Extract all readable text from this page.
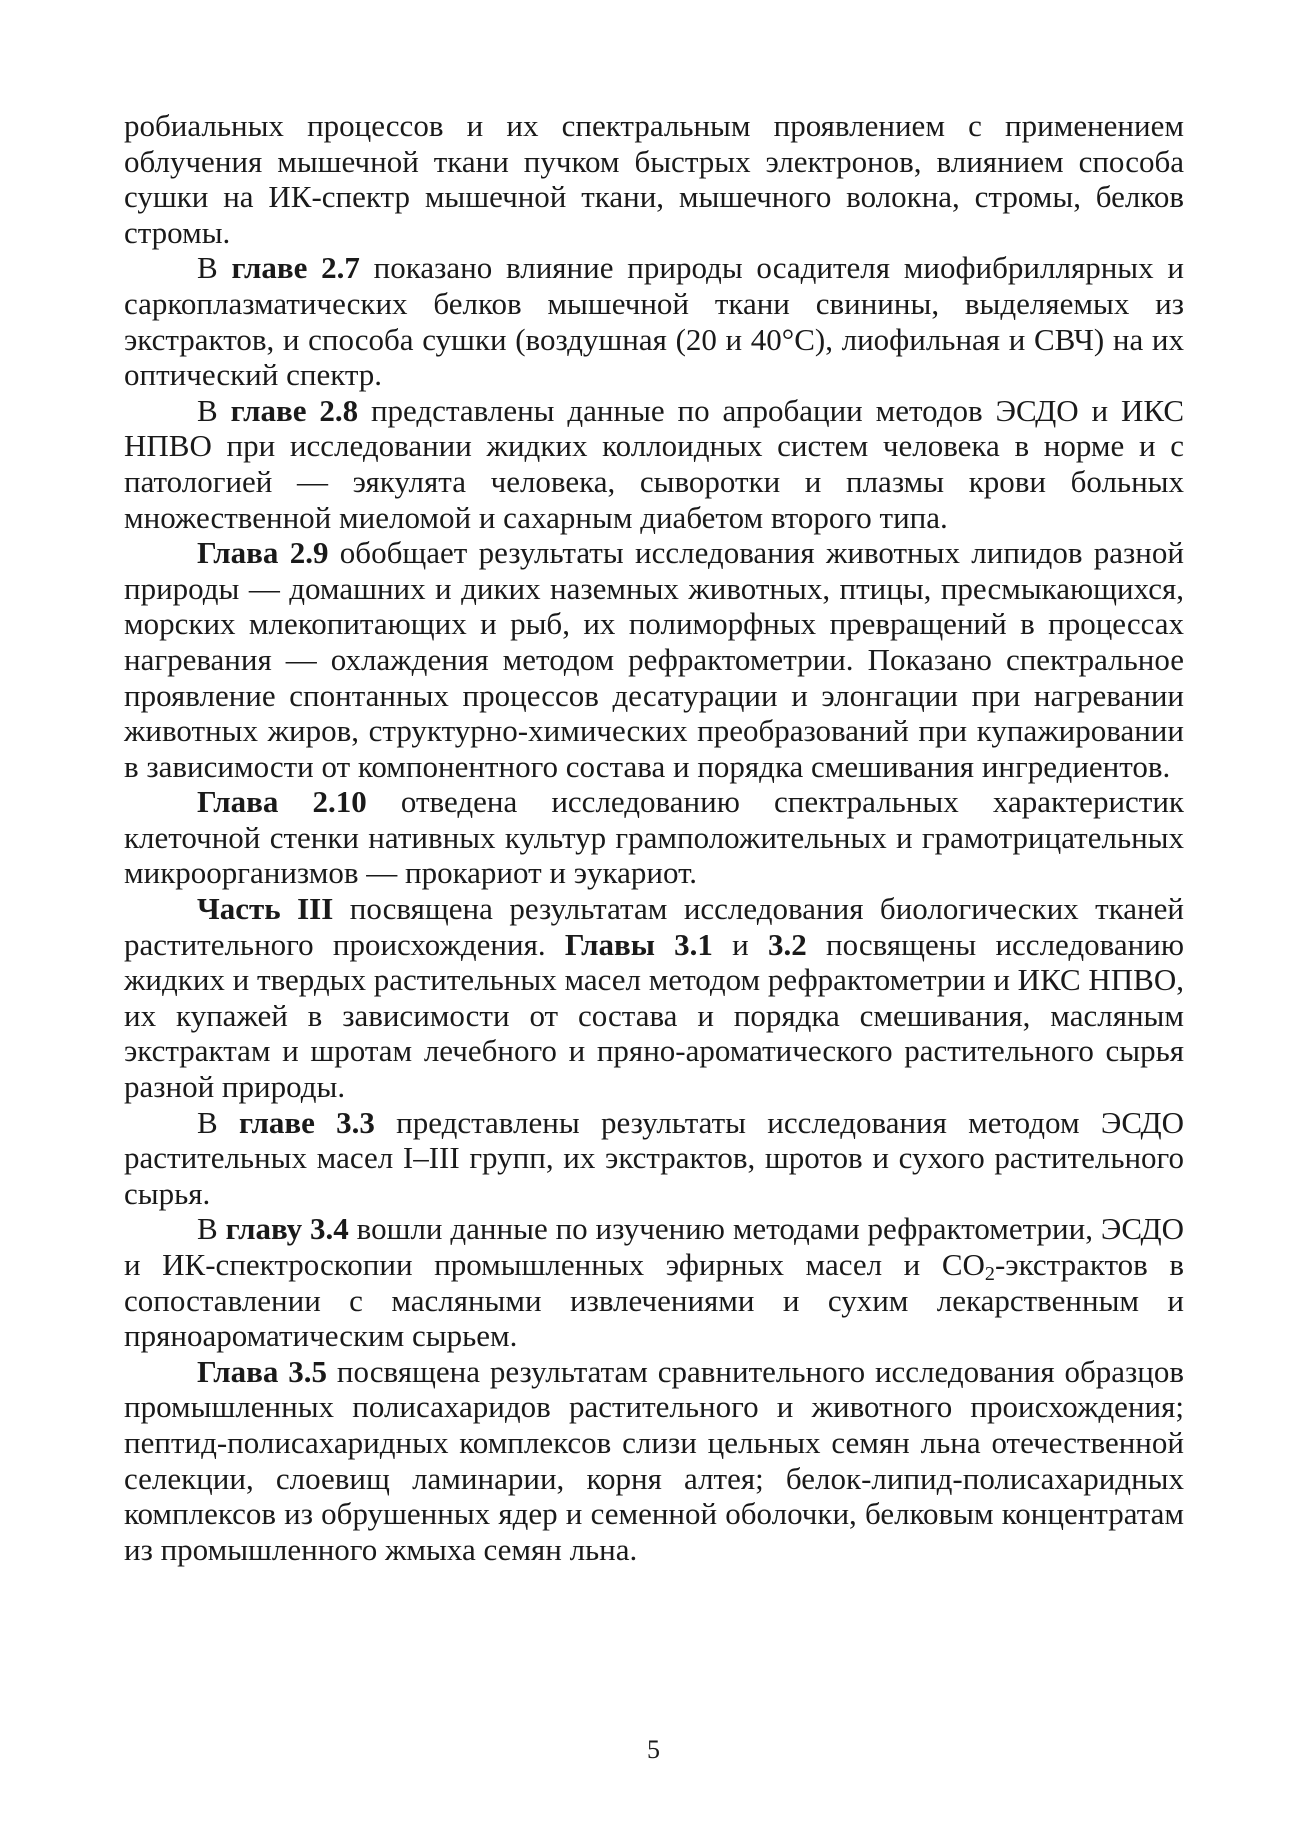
робиальных процессов и их спектральным проявлением с применением облучения мышечной ткани пучком быстрых электронов, влиянием способа сушки на ИК-спектр мышечной ткани, мышечного волокна, стромы, белков стромы.

В главе 2.7 показано влияние природы осадителя миофибриллярных и саркоплазматических белков мышечной ткани свинины, выделяемых из экстрактов, и способа сушки (воздушная (20 и 40°С), лиофильная и СВЧ) на их оптический спектр.

В главе 2.8 представлены данные по апробации методов ЭСДО и ИКС НПВО при исследовании жидких коллоидных систем человека в норме и с патологией — эякулята человека, сыворотки и плазмы крови больных множественной миеломой и сахарным диабетом второго типа.

Глава 2.9 обобщает результаты исследования животных липидов разной природы — домашних и диких наземных животных, птицы, пресмыкающихся, морских млекопитающих и рыб, их полиморфных превращений в процессах нагревания — охлаждения методом рефрактометрии. Показано спектральное проявление спонтанных процессов десатурации и элонгации при нагревании животных жиров, структурно-химических преобразований при купажировании в зависимости от компонентного состава и порядка смешивания ингредиентов.

Глава 2.10 отведена исследованию спектральных характеристик клеточной стенки нативных культур грамположительных и грамотрицательных микроорганизмов — прокариот и эукариот.

Часть III посвящена результатам исследования биологических тканей растительного происхождения. Главы 3.1 и 3.2 посвящены исследованию жидких и твердых растительных масел методом рефрактометрии и ИКС НПВО, их купажей в зависимости от состава и порядка смешивания, масляным экстрактам и шротам лечебного и пряно-ароматического растительного сырья разной природы.

В главе 3.3 представлены результаты исследования методом ЭСДО растительных масел I–III групп, их экстрактов, шротов и сухого растительного сырья.

В главу 3.4 вошли данные по изучению методами рефрактометрии, ЭСДО и ИК-спектроскопии промышленных эфирных масел и $СО_2$-экстрактов в сопоставлении с масляными извлечениями и сухим лекарственным и пряноароматическим сырьем.

Глава 3.5 посвящена результатам сравнительного исследования образцов промышленных полисахаридов растительного и животного происхождения; пептид-полисахаридных комплексов слизи цельных семян льна отечественной селекции, слоевищ ламинарии, корня алтея; белок-липид-полисахаридных комплексов из обрушенных ядер и семенной оболочки, белковым концентратам из промышленного жмыха семян льна.

5
